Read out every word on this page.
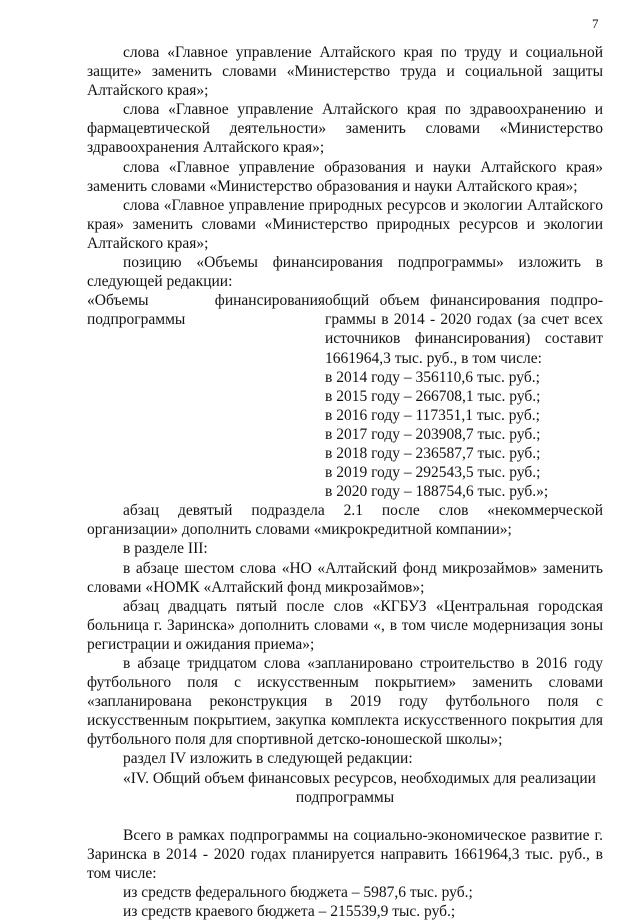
7

слова «Главное управление Алтайского края по труду и социальной защите» заменить словами «Министерство труда и социальной защиты Алтайского края»;

слова «Главное управление Алтайского края по здравоохранению и фармацевтической деятельности» заменить словами «Министерство здравоохранения Алтайского края»;

слова «Главное управление образования и науки Алтайского края» заменить словами «Министерство образования и науки Алтайского края»;

слова «Главное управление природных ресурсов и экологии Алтайского края» заменить словами «Министерство природных ресурсов и экологии Алтайского края»;

позицию «Объемы финансирования подпрограммы» изложить в следующей редакции:

«Объемы финансирования
подпрограммы
общий объем финансирования подпро-
граммы в 2014 - 2020 годах (за счет всех
источников финансирования) составит
1661964,3 тыс. руб., в том числе:
в 2014 году – 356110,6 тыс. руб.;
в 2015 году – 266708,1 тыс. руб.;
в 2016 году – 117351,1 тыс. руб.;
в 2017 году – 203908,7 тыс. руб.;
в 2018 году – 236587,7 тыс. руб.;
в 2019 году – 292543,5 тыс. руб.;
в 2020 году – 188754,6 тыс. руб.»;

абзац девятый подраздела 2.1 после слов «некоммерческой организации» дополнить словами «микрокредитной компании»;

в разделе III:

в абзаце шестом слова «НО «Алтайский фонд микрозаймов» заменить словами «НОМК «Алтайский фонд микрозаймов»;

абзац двадцать пятый после слов «КГБУЗ «Центральная городская больница г. Заринска» дополнить словами «, в том числе модернизация зоны регистрации и ожидания приема»;

в абзаце тридцатом слова «запланировано строительство в 2016 году футбольного поля с искусственным покрытием» заменить словами «запланирована реконструкция в 2019 году футбольного поля с искусственным покрытием, закупка комплекта искусственного покрытия для футбольного поля для спортивной детско-юношеской школы»;

раздел IV изложить в следующей редакции:

«IV. Общий объем финансовых ресурсов, необходимых для реализации

подпрограммы

Всего в рамках подпрограммы на социально-экономическое развитие г. Заринска в 2014 - 2020 годах планируется направить 1661964,3 тыс. руб., в том числе:

из средств федерального бюджета – 5987,6 тыс. руб.;

из средств краевого бюджета – 215539,9 тыс. руб.;
